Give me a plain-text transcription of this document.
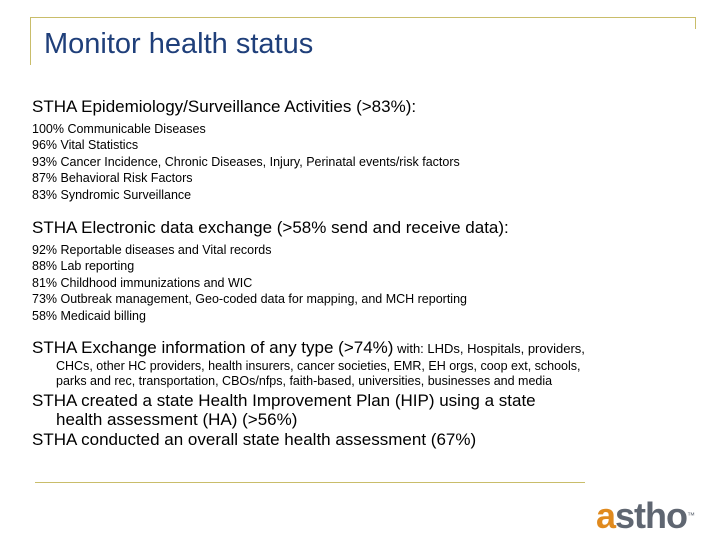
Monitor health status
STHA Epidemiology/Surveillance Activities (>83%):
100% Communicable Diseases
96% Vital Statistics
93% Cancer Incidence, Chronic Diseases, Injury, Perinatal events/risk factors
87% Behavioral Risk Factors
83% Syndromic Surveillance
STHA Electronic data exchange (>58% send and receive data):
92% Reportable diseases and Vital records
88% Lab reporting
81% Childhood immunizations and WIC
73% Outbreak management, Geo-coded data for mapping, and MCH reporting
58% Medicaid billing
STHA Exchange information of any type (>74%) with: LHDs, Hospitals, providers,
CHCs, other HC providers, health insurers, cancer societies, EMR, EH orgs, coop ext, schools,
parks and rec, transportation, CBOs/nfps, faith-based, universities, businesses and media
STHA created a state Health Improvement Plan (HIP) using a state
health assessment (HA) (>56%)
STHA conducted an overall state health assessment (67%)
astho™
